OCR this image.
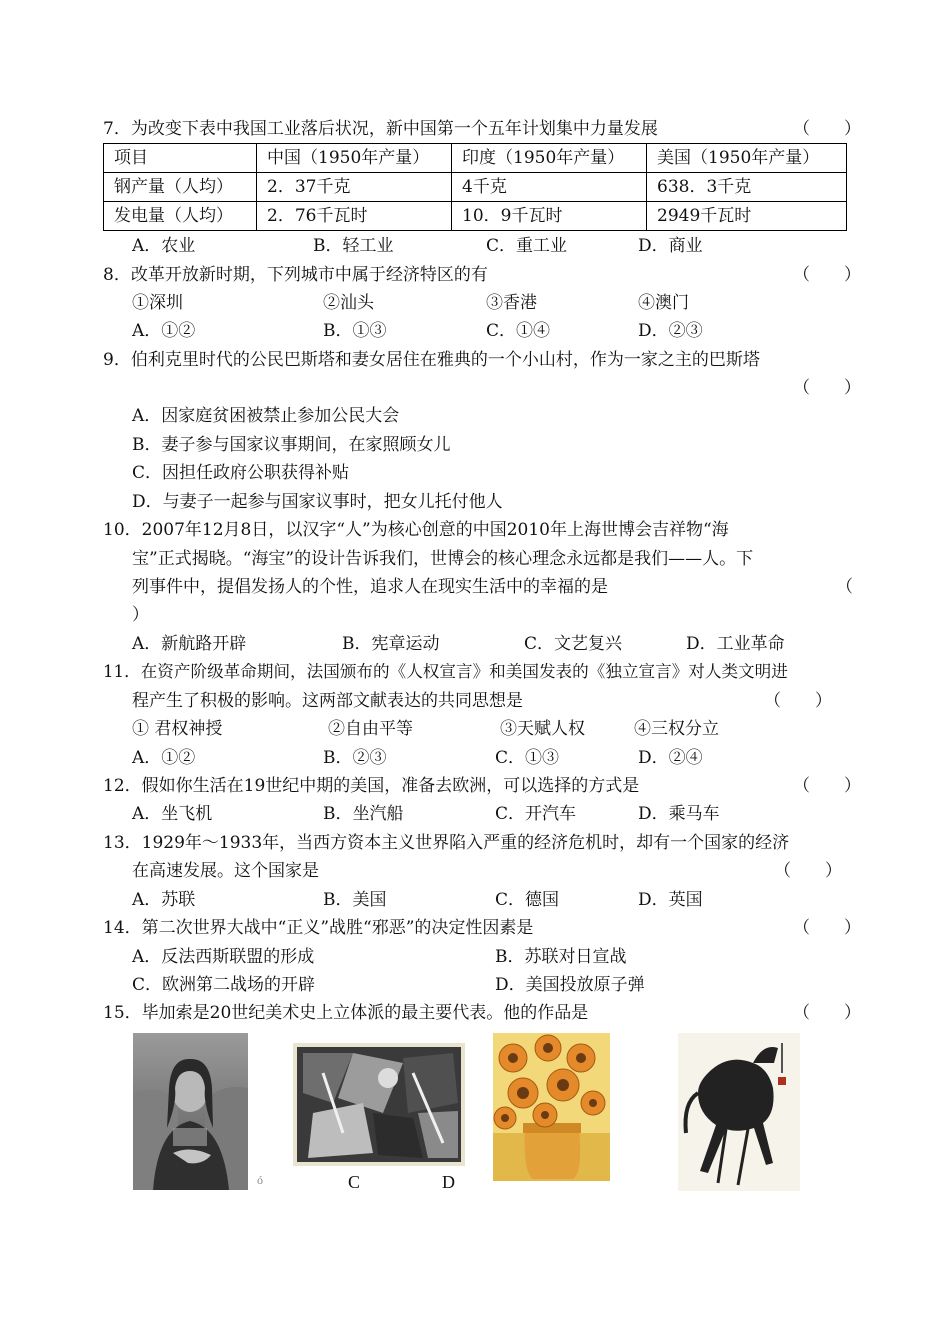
7．为改变下表中我国工业落后状况，新中国第一个五年计划集中力量发展	（　　）
项目	中国（1950年产量）	印度（1950年产量）	美国（1950年产量）
钢产量（人均）	2．37千克	4千克	638．3千克
发电量（人均）	2．76千瓦时	10．9千瓦时	2949千瓦时
A．农业	B．轻工业	C．重工业	D．商业
8．改革开放新时期，下列城市中属于经济特区的有	（　　）
①深圳	②汕头	③香港	④澳门
A．①②	B．①③	C．①④	D．②③
9．伯利克里时代的公民巴斯塔和妻女居住在雅典的一个小山村，作为一家之主的巴斯塔
（　　）
A．因家庭贫困被禁止参加公民大会
B．妻子参与国家议事期间，在家照顾女儿
C．因担任政府公职获得补贴
D．与妻子一起参与国家议事时，把女儿托付他人
10．2007年12月8日，以汉字“人”为核心创意的中国2010年上海世博会吉祥物“海
宝”正式揭晓。“海宝”的设计告诉我们，世博会的核心理念永远都是我们——人。下
列事件中，提倡发扬人的个性，追求人在现实生活中的幸福的是	（
）
A．新航路开辟	B．宪章运动	C．文艺复兴	D．工业革命
11．在资产阶级革命期间，法国颁布的《人权宣言》和美国发表的《独立宣言》对人类文明进
程产生了积极的影响。这两部文献表达的共同思想是	（　　）
① 君权神授	②自由平等	③天赋人权	④三权分立
A．①②	B．②③	C．①③	D．②④
12．假如你生活在19世纪中期的美国，准备去欧洲，可以选择的方式是	（　　）
A．坐飞机	B．坐汽船	C．开汽车	D．乘马车
13．1929年～1933年，当西方资本主义世界陷入严重的经济危机时，却有一个国家的经济
在高速发展。这个国家是	（　　）
A．苏联	B．美国	C．德国	D．英国
14．第二次世界大战中“正义”战胜“邪恶”的决定性因素是	（　　）
A．反法西斯联盟的形成	B．苏联对日宣战
C．欧洲第二战场的开辟	D．美国投放原子弹
15．毕加索是20世纪美术史上立体派的最主要代表。他的作品是	（　　）
ó	C	D
